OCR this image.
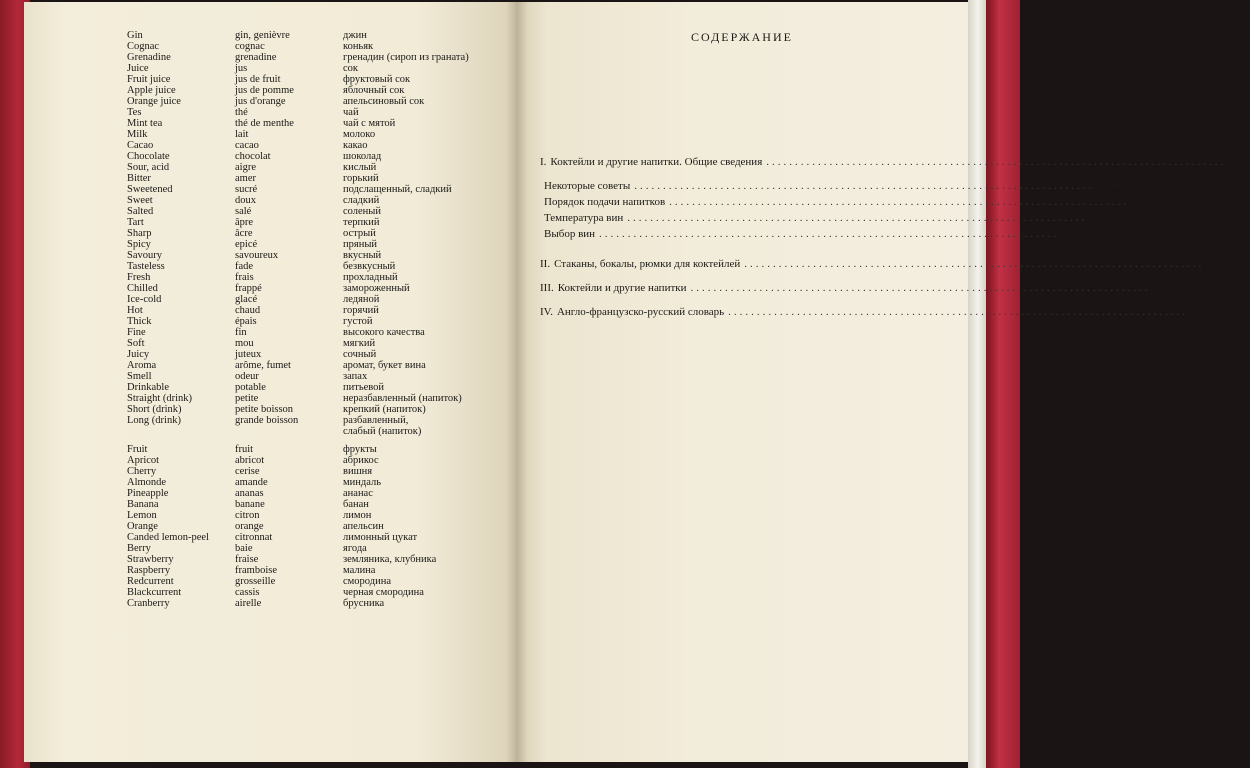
Gin	gin, genièvre	джин
Cognac	cognac	коньяк
Grenadine	grenadine	гренадин (сироп из граната)
Juice	jus	сок
Fruit juice	jus de fruit	фруктовый сок
Apple juice	jus de pomme	яблочный сок
Orange juice	jus d'orange	апельсиновый сок
Tes	thé	чай
Mint tea	thé de menthe	чай с мятой
Milk	lait	молоко
Cacao	cacao	какао
Chocolate	chocolat	шоколад
Sour, acid	aigre	кислый
Bitter	amer	горький
Sweetened	sucré	подслащенный, сладкий
Sweet	doux	сладкий
Salted	salé	соленый
Tart	âpre	терпкий
Sharp	âcre	острый
Spicy	epicé	пряный
Savoury	savoureux	вкусный
Tasteless	fade	безвкусный
Fresh	frais	прохладный
Chilled	frappé	замороженный
Ice-cold	glacé	ледяной
Hot	chaud	горячий
Thick	épais	густой
Fine	fin	высокого качества
Soft	mou	мягкий
Juicy	juteux	сочный
Aroma	arôme, fumet	аромат, букет вина
Smell	odeur	запах
Drinkable	potable	питьевой
Straight (drink)	petite	неразбавленный (напиток)
Short (drink)	petite boisson	крепкий (напиток)
Long (drink)	grande boisson	разбавленный,
слабый (напиток)
Fruit	fruit	фрукты
Apricot	abricot	абрикос
Cherry	cerise	вишня
Almonde	amande	миндаль
Pineapple	ananas	ананас
Banana	banane	банан
Lemon	citron	лимон
Orange	orange	апельсин
Canded lemon-peel	citronnat	лимонный цукат
Berry	baie	ягода
Strawberry	fraise	земляника, клубника
Raspberry	framboise	малина
Redcurrent	grosseille	смородина
Blackcurrent	cassis	черная смородина
Cranberry	airelle	брусника
СОДЕРЖАНИЕ
I. Коктейли и другие напитки. Общие сведения ................................................................................	3
Некоторые советы ................................................................................	6
Порядок подачи напитков ................................................................................	7
Температура вин ................................................................................	8
Выбор вин ................................................................................	9
II. Стаканы, бокалы, рюмки для коктейлей ................................................................................	11
III. Коктейли и другие напитки ................................................................................	13
IV. Англо-французско-русский словарь ................................................................................ 124
